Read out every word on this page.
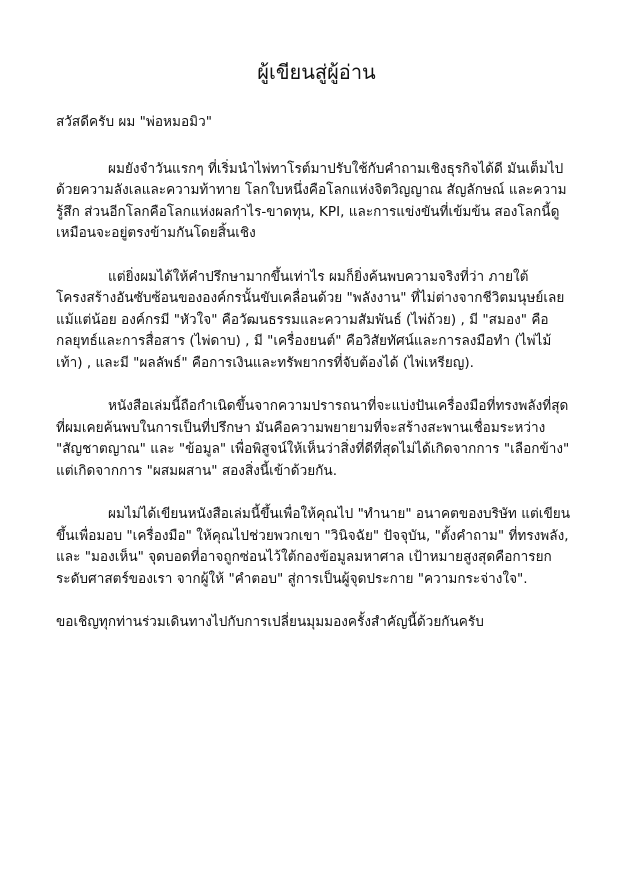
ผู้เขียนสู่ผู้อ่าน

สวัสดีครับ ผม "พ่อหมอมิว"

ผมยังจำวันแรกๆ ที่เริ่มนำไพ่ทาโรต์มาปรับใช้กับคำถามเชิงธุรกิจได้ดี มันเต็มไปด้วยความลังเลและความท้าทาย โลกใบหนึ่งคือโลกแห่งจิตวิญญาณ สัญลักษณ์ และความรู้สึก ส่วนอีกโลกคือโลกแห่งผลกำไร-ขาดทุน, KPI, และการแข่งขันที่เข้มข้น สองโลกนี้ดูเหมือนจะอยู่ตรงข้ามกันโดยสิ้นเชิง

แต่ยิ่งผมได้ให้คำปรึกษามากขึ้นเท่าไร ผมก็ยิ่งค้นพบความจริงที่ว่า ภายใต้โครงสร้างอันซับซ้อนขององค์กรนั้นขับเคลื่อนด้วย "พลังงาน" ที่ไม่ต่างจากชีวิตมนุษย์เลยแม้แต่น้อย องค์กรมี "หัวใจ" คือวัฒนธรรมและความสัมพันธ์ (ไพ่ถ้วย) , มี "สมอง" คือกลยุทธ์และการสื่อสาร (ไพ่ดาบ) , มี "เครื่องยนต์" คือวิสัยทัศน์และการลงมือทำ (ไพ่ไม้เท้า) , และมี "ผลลัพธ์" คือการเงินและทรัพยากรที่จับต้องได้ (ไพ่เหรียญ).

หนังสือเล่มนี้ถือกำเนิดขึ้นจากความปรารถนาที่จะแบ่งปันเครื่องมือที่ทรงพลังที่สุดที่ผมเคยค้นพบในการเป็นที่ปรึกษา มันคือความพยายามที่จะสร้างสะพานเชื่อมระหว่าง "สัญชาตญาณ" และ "ข้อมูล" เพื่อพิสูจน์ให้เห็นว่าสิ่งที่ดีที่สุดไม่ได้เกิดจากการ "เลือกข้าง" แต่เกิดจากการ "ผสมผสาน" สองสิ่งนี้เข้าด้วยกัน.

ผมไม่ได้เขียนหนังสือเล่มนี้ขึ้นเพื่อให้คุณไป "ทำนาย" อนาคตของบริษัท แต่เขียนขึ้นเพื่อมอบ "เครื่องมือ" ให้คุณไปช่วยพวกเขา "วินิจฉัย" ปัจจุบัน, "ตั้งคำถาม" ที่ทรงพลัง, และ "มองเห็น" จุดบอดที่อาจถูกซ่อนไว้ใต้กองข้อมูลมหาศาล เป้าหมายสูงสุดคือการยกระดับศาสตร์ของเรา จากผู้ให้ "คำตอบ" สู่การเป็นผู้จุดประกาย "ความกระจ่างใจ".

ขอเชิญทุกท่านร่วมเดินทางไปกับการเปลี่ยนมุมมองครั้งสำคัญนี้ด้วยกันครับ
